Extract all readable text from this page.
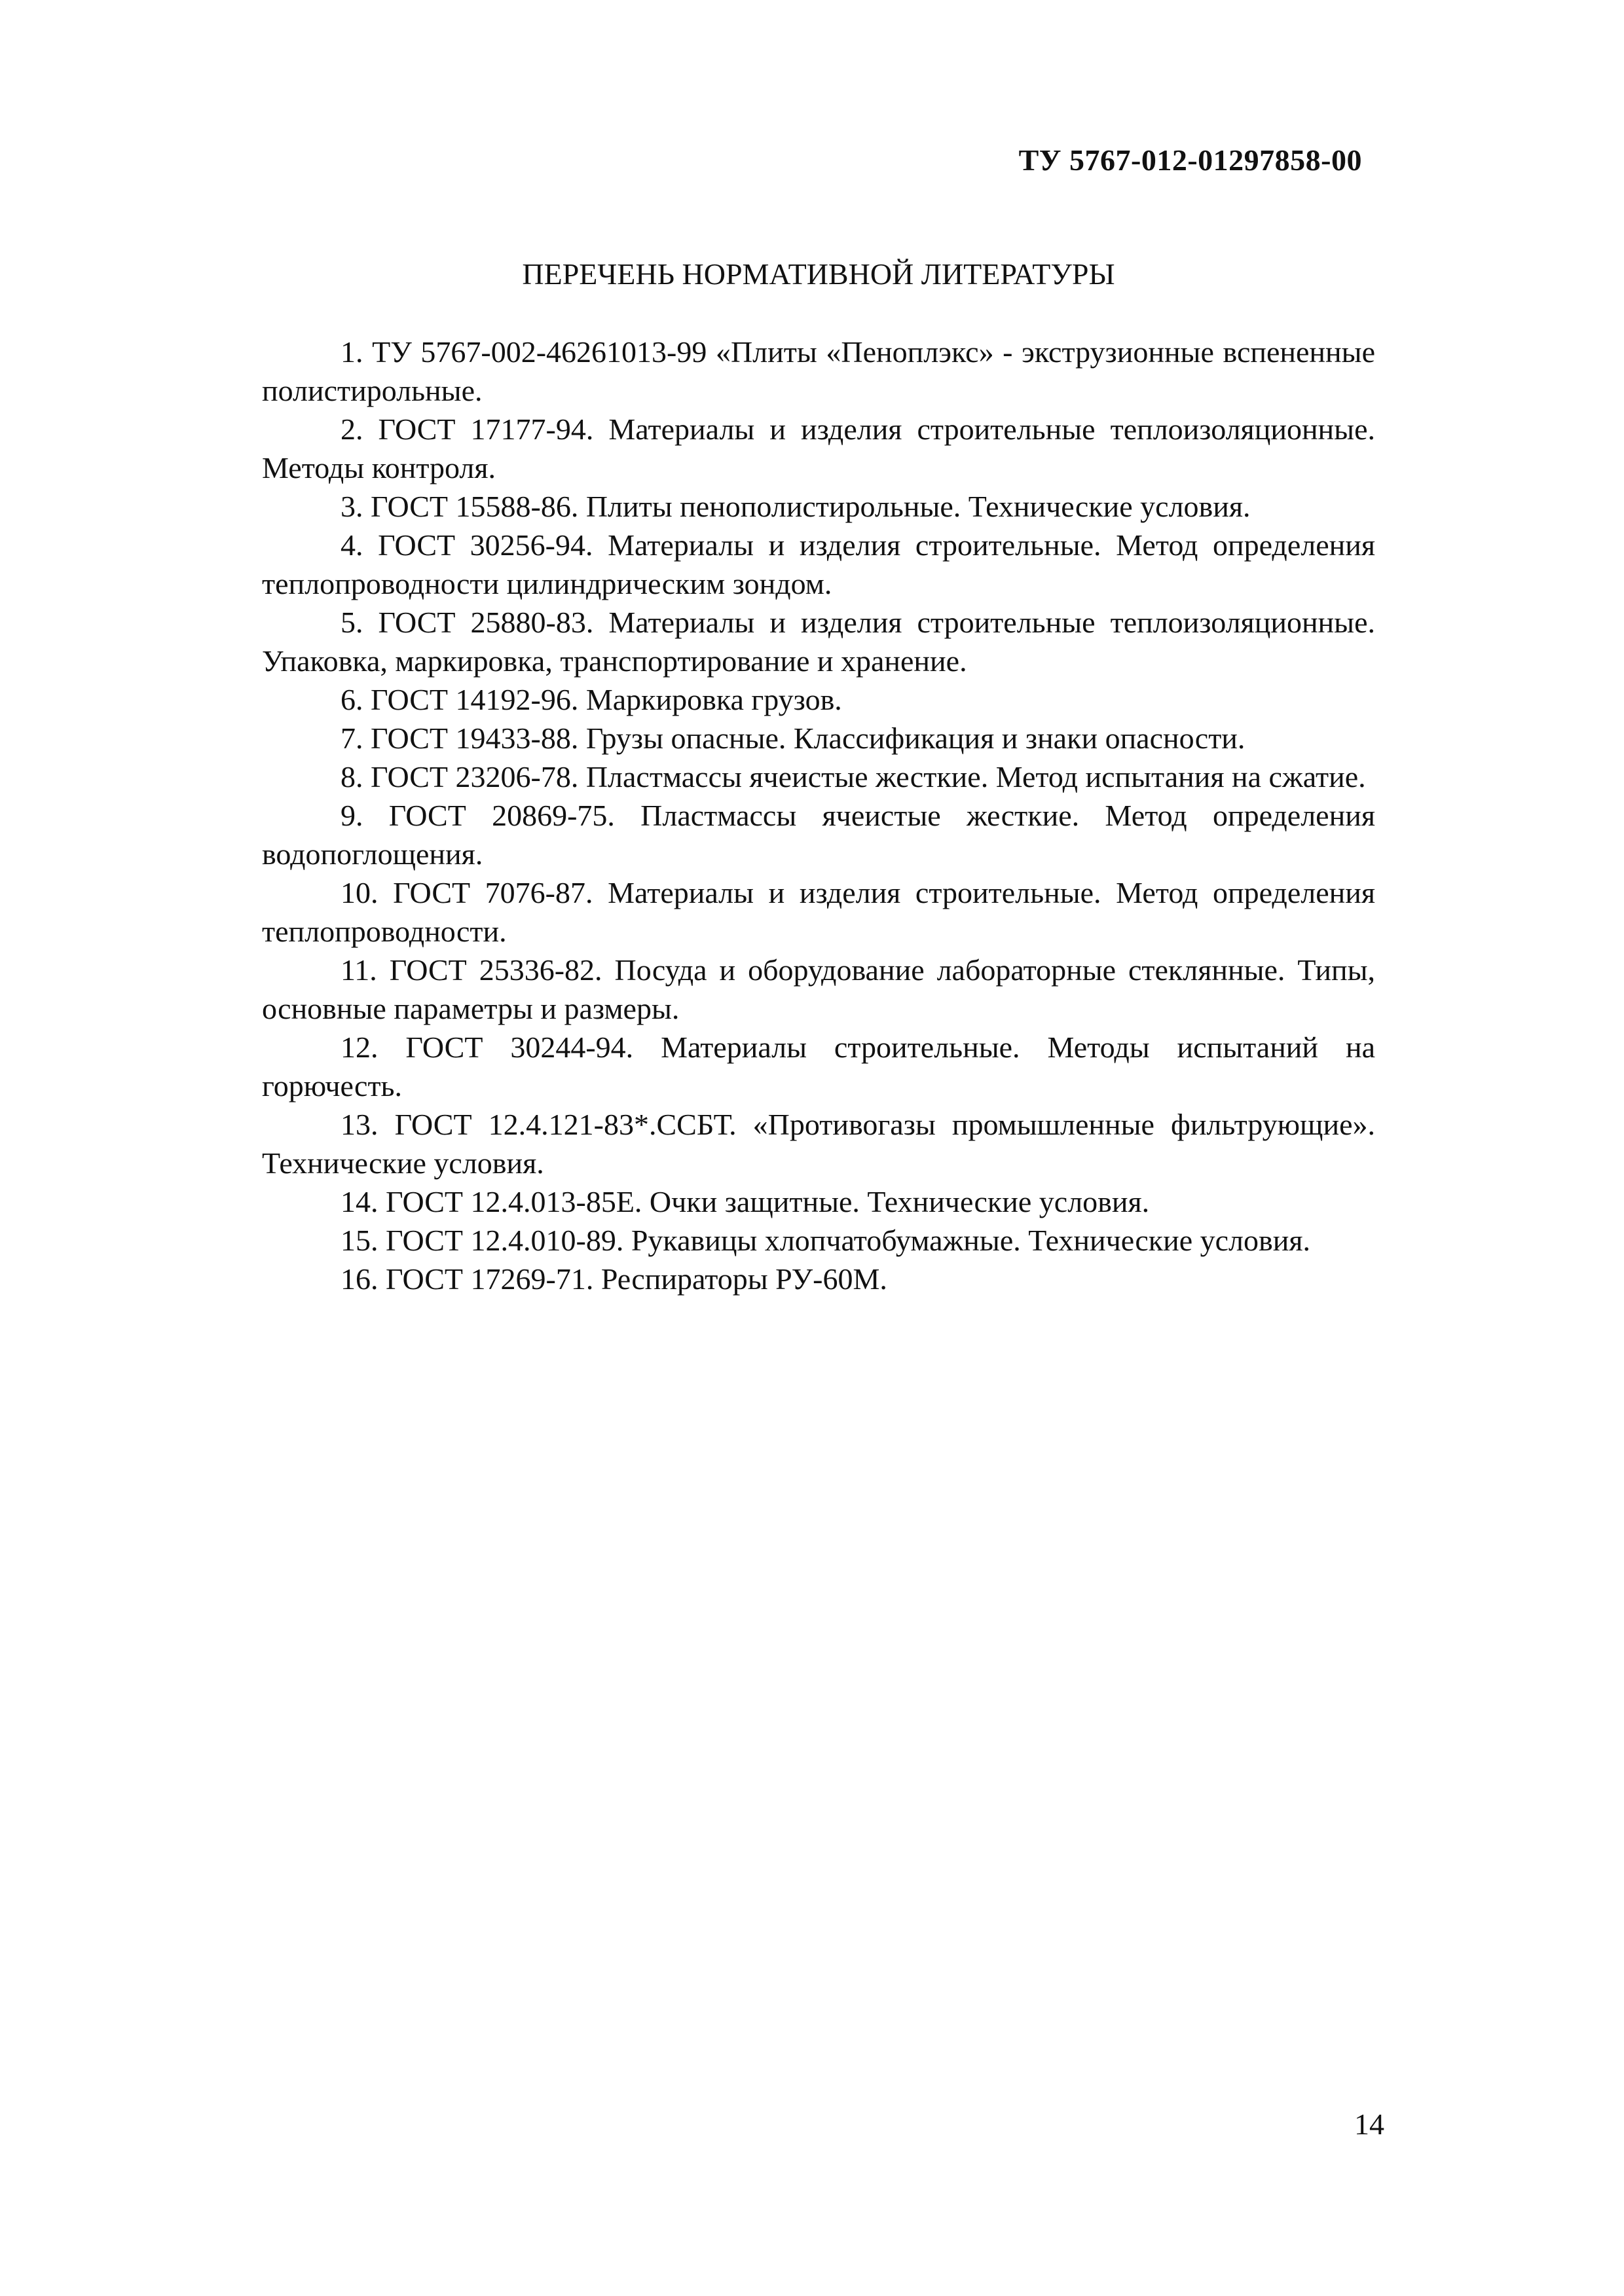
ТУ 5767-012-01297858-00
ПЕРЕЧЕНЬ НОРМАТИВНОЙ ЛИТЕРАТУРЫ
1. ТУ 5767-002-46261013-99 «Плиты «Пеноплэкс» - экструзионные вспененные полистирольные.
2. ГОСТ 17177-94. Материалы и изделия строительные теплоизоляционные. Методы контроля.
3. ГОСТ 15588-86. Плиты пенополистирольные. Технические условия.
4. ГОСТ 30256-94. Материалы и изделия строительные. Метод определения теплопроводности цилиндрическим зондом.
5. ГОСТ 25880-83. Материалы и изделия строительные теплоизоляционные. Упаковка, маркировка, транспортирование и хранение.
6. ГОСТ 14192-96. Маркировка грузов.
7. ГОСТ 19433-88. Грузы опасные. Классификация и знаки опасности.
8. ГОСТ 23206-78. Пластмассы ячеистые жесткие. Метод испытания на сжатие.
9. ГОСТ 20869-75. Пластмассы ячеистые жесткие. Метод определения водопоглощения.
10. ГОСТ 7076-87. Материалы и изделия строительные. Метод определения теплопроводности.
11. ГОСТ 25336-82. Посуда и оборудование лабораторные стеклянные. Типы, основные параметры и размеры.
12. ГОСТ 30244-94. Материалы строительные. Методы испытаний на горючесть.
13. ГОСТ 12.4.121-83*.ССБТ. «Противогазы промышленные фильтрующие». Технические условия.
14. ГОСТ 12.4.013-85Е. Очки защитные. Технические условия.
15. ГОСТ 12.4.010-89. Рукавицы хлопчатобумажные. Технические условия.
16. ГОСТ 17269-71. Респираторы РУ-60М.
14
